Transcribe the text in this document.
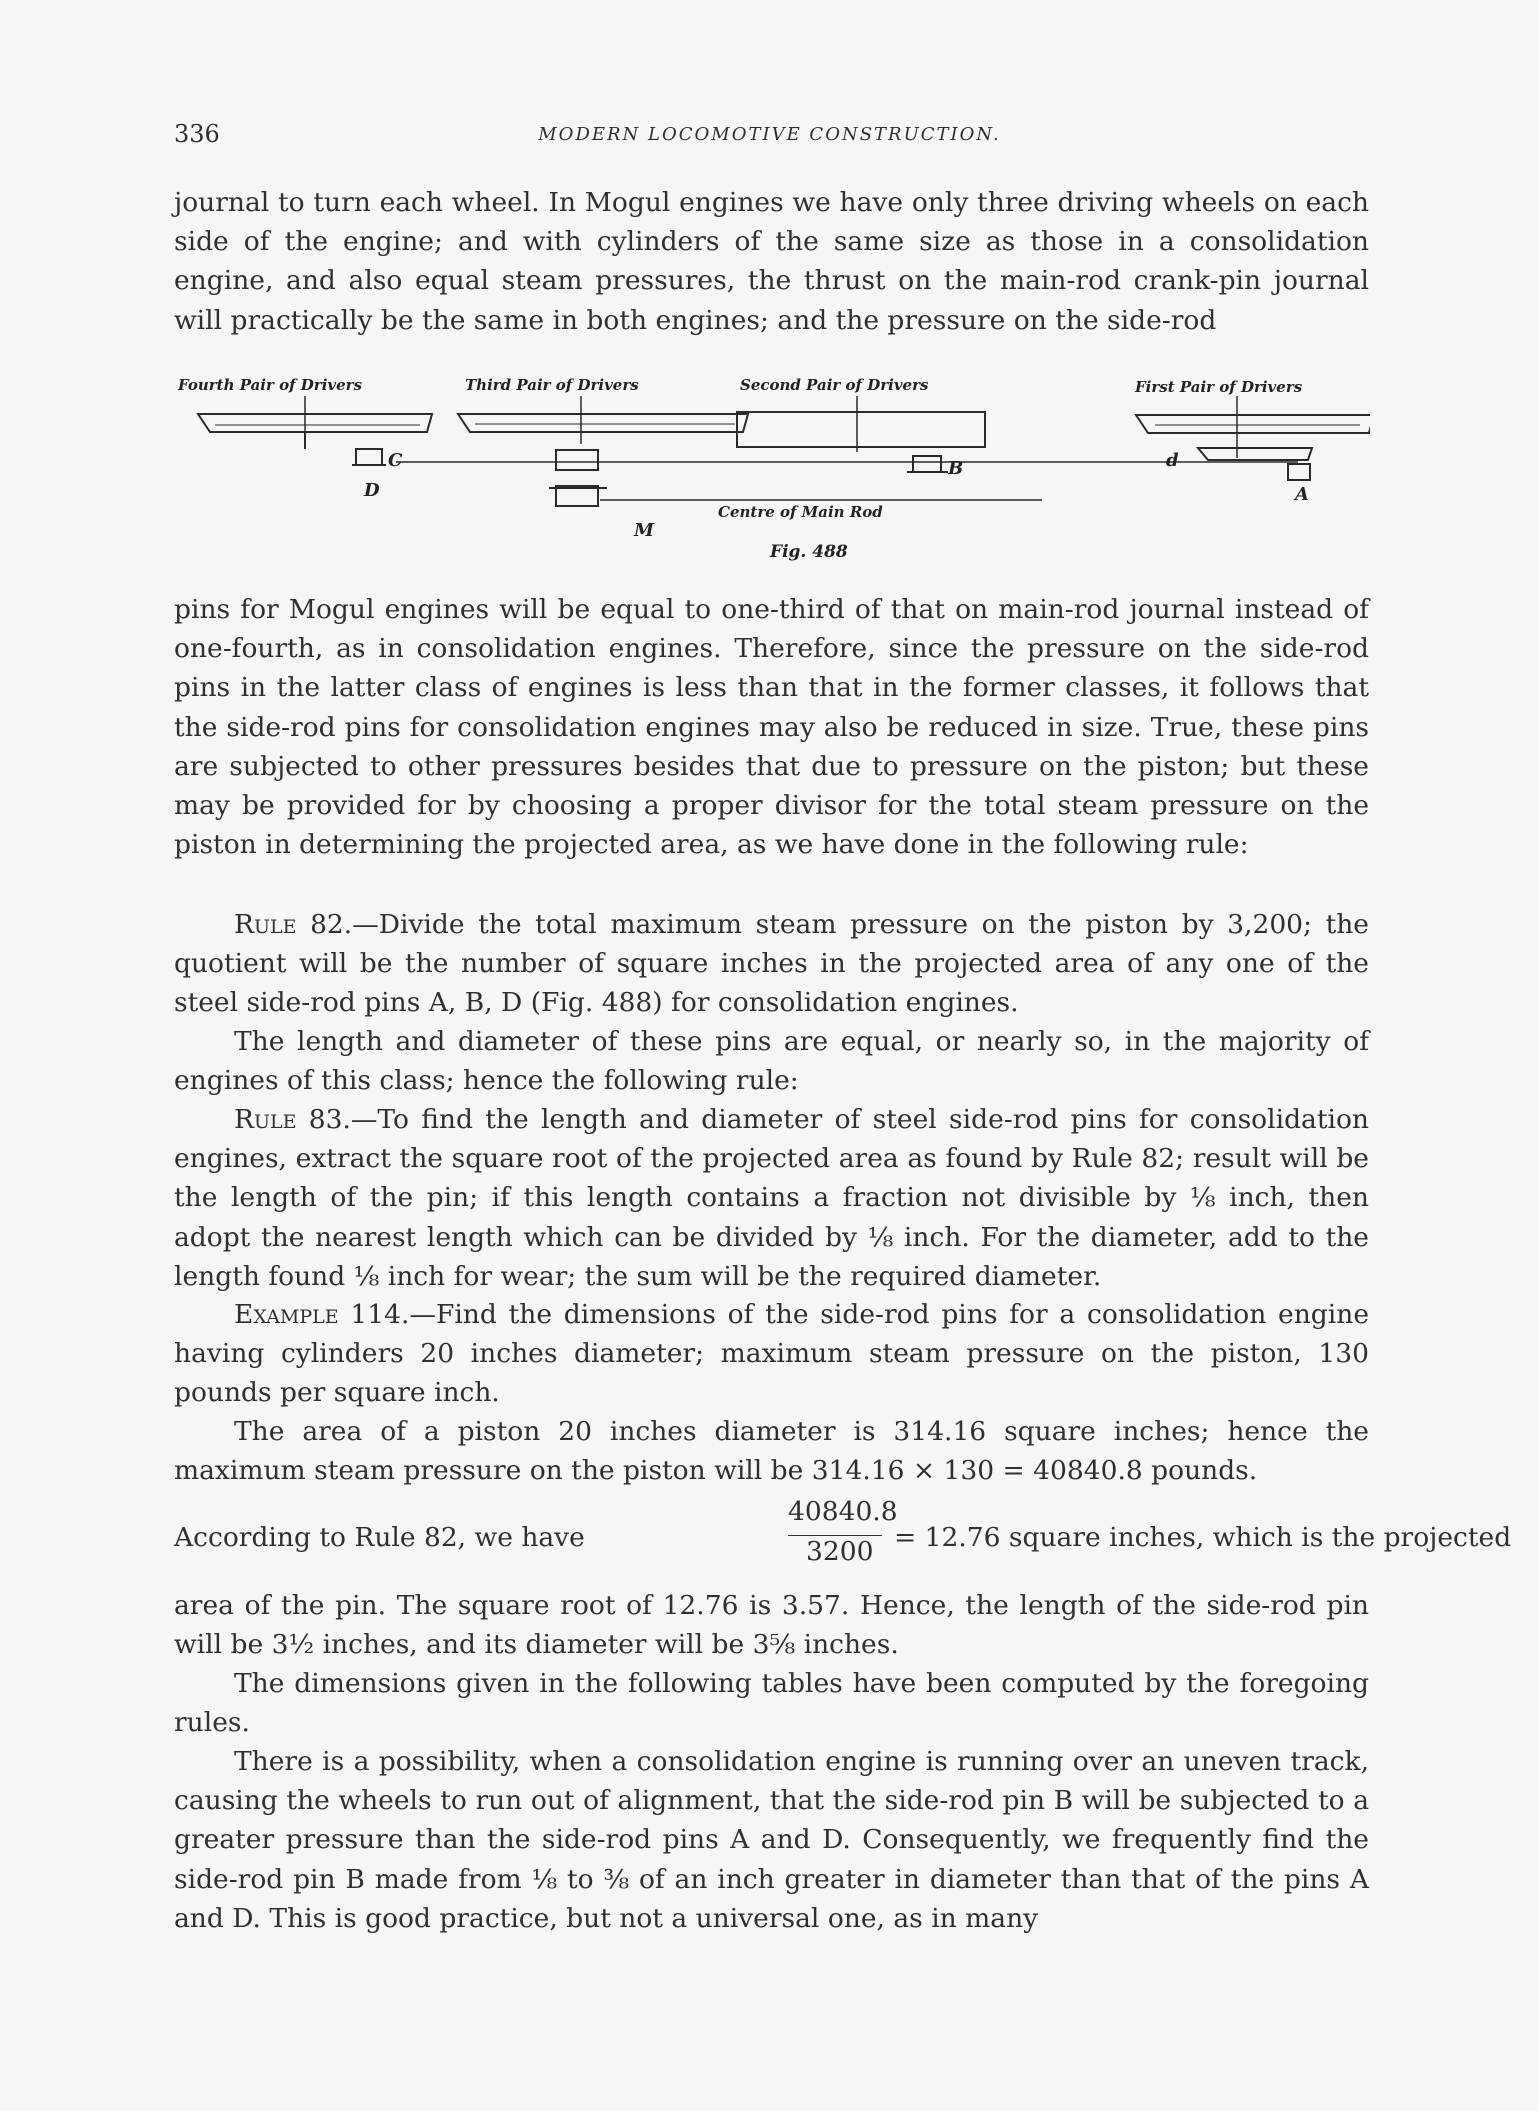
336	MODERN LOCOMOTIVE CONSTRUCTION.

journal to turn each wheel. In Mogul engines we have only three driving wheels on each side of the engine; and with cylinders of the same size as those in a consolidation engine, and also equal steam pressures, the thrust on the main-rod crank-pin journal will practically be the same in both engines; and the pressure on the side-rod

Fourth Pair of Drivers	Third Pair of Drivers	Second Pair of Drivers	First Pair of Drivers
Centre of Main Rod
C
D
M
B	d
A
Fig. 488

pins for Mogul engines will be equal to one-third of that on main-rod journal instead of one-fourth, as in consolidation engines. Therefore, since the pressure on the side-rod pins in the latter class of engines is less than that in the former classes, it follows that the side-rod pins for consolidation engines may also be reduced in size. True, these pins are subjected to other pressures besides that due to pressure on the piston; but these may be provided for by choosing a proper divisor for the total steam pressure on the piston in determining the projected area, as we have done in the following rule:

Rule 82.—Divide the total maximum steam pressure on the piston by 3,200; the quotient will be the number of square inches in the projected area of any one of the steel side-rod pins A, B, D (Fig. 488) for consolidation engines.

The length and diameter of these pins are equal, or nearly so, in the majority of engines of this class; hence the following rule:

Rule 83.—To find the length and diameter of steel side-rod pins for consolidation engines, extract the square root of the projected area as found by Rule 82; result will be the length of the pin; if this length contains a fraction not divisible by ⅛ inch, then adopt the nearest length which can be divided by ⅛ inch. For the diameter, add to the length found ⅛ inch for wear; the sum will be the required diameter.

Example 114.—Find the dimensions of the side-rod pins for a consolidation engine having cylinders 20 inches diameter; maximum steam pressure on the piston, 130 pounds per square inch.

The area of a piston 20 inches diameter is 314.16 square inches; hence the maximum steam pressure on the piston will be 314.16 × 130 = 40840.8 pounds.

According to Rule 82, we have
40840.8
3200 = 12.76 square inches, which is the projected

area of the pin. The square root of 12.76 is 3.57. Hence, the length of the side-rod pin will be 3½ inches, and its diameter will be 3⅝ inches.

The dimensions given in the following tables have been computed by the foregoing rules.

There is a possibility, when a consolidation engine is running over an uneven track, causing the wheels to run out of alignment, that the side-rod pin B will be subjected to a greater pressure than the side-rod pins A and D. Consequently, we frequently find the side-rod pin B made from ⅛ to ⅜ of an inch greater in diameter than that of the pins A and D. This is good practice, but not a universal one, as in many
